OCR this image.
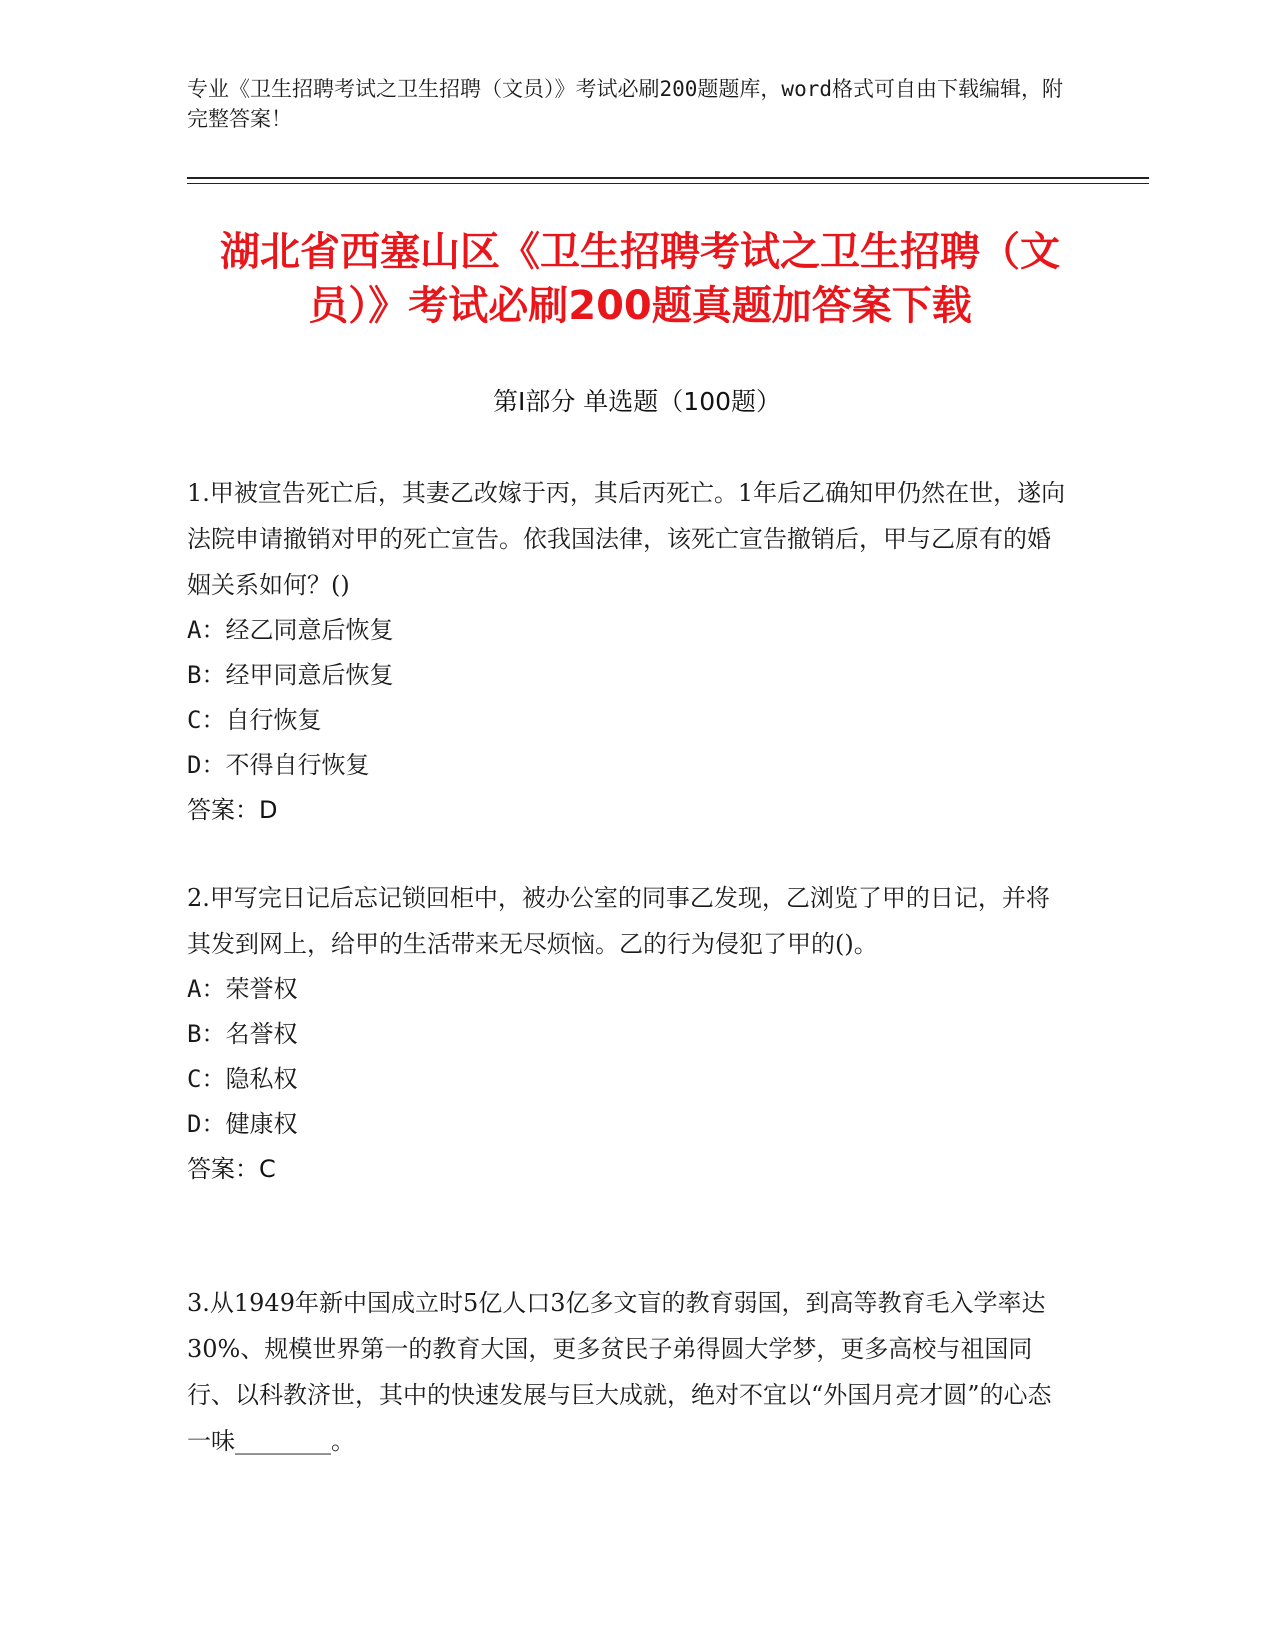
专业《卫生招聘考试之卫生招聘（文员）》考试必刷200题题库，word格式可自由下载编辑，附完整答案！
湖北省西塞山区《卫生招聘考试之卫生招聘（文员）》考试必刷200题真题加答案下载
第Ⅰ部分 单选题（100题）

1.甲被宣告死亡后，其妻乙改嫁于丙，其后丙死亡。1年后乙确知甲仍然在世，遂向法院申请撤销对甲的死亡宣告。依我国法律，该死亡宣告撤销后，甲与乙原有的婚姻关系如何？()

A：经乙同意后恢复
B：经甲同意后恢复
C：自行恢复
D：不得自行恢复
答案：D

2.甲写完日记后忘记锁回柜中，被办公室的同事乙发现，乙浏览了甲的日记，并将其发到网上，给甲的生活带来无尽烦恼。乙的行为侵犯了甲的()。

A：荣誉权
B：名誉权
C：隐私权
D：健康权
答案：C

3.从1949年新中国成立时5亿人口3亿多文盲的教育弱国，到高等教育毛入学率达30%、规模世界第一的教育大国，更多贫民子弟得圆大学梦，更多高校与祖国同行、以科教济世，其中的快速发展与巨大成就，绝对不宜以“外国月亮才圆”的心态一味________。
